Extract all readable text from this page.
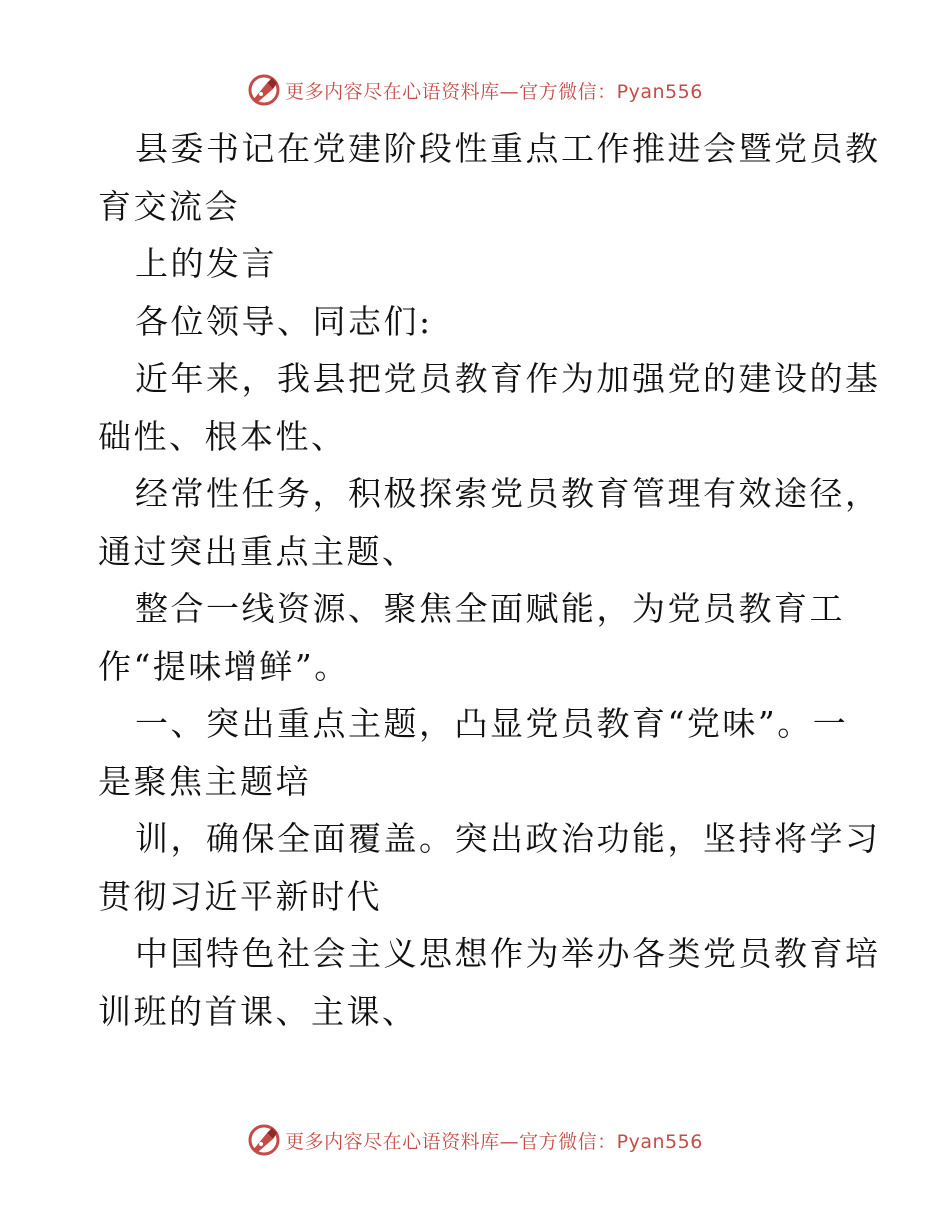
更多内容尽在心语资料库—官方微信：Pyan556
县委书记在党建阶段性重点工作推进会暨党员教
育交流会
上的发言
各位领导、同志们:
近年来，我县把党员教育作为加强党的建设的基
础性、根本性、
经常性任务，积极探索党员教育管理有效途径，
通过突出重点主题、
整合一线资源、聚焦全面赋能，为党员教育工
作“提味增鲜”。
一、突出重点主题，凸显党员教育“党味”。一
是聚焦主题培
训，确保全面覆盖。突出政治功能，坚持将学习
贯彻习近平新时代
中国特色社会主义思想作为举办各类党员教育培
训班的首课、主课、
更多内容尽在心语资料库—官方微信：Pyan556
